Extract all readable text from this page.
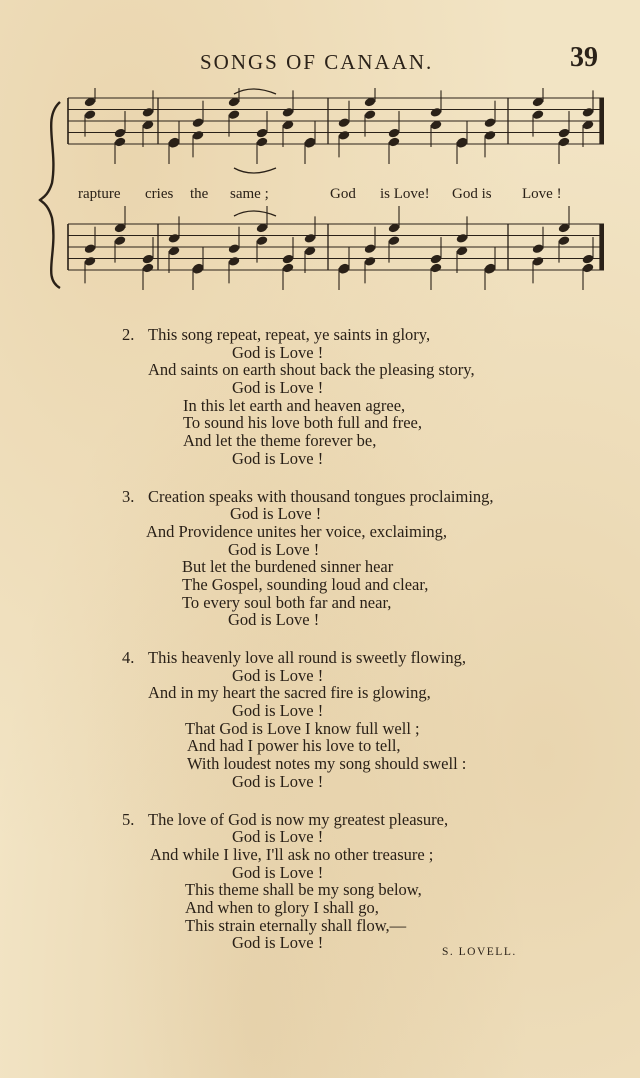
SONGS OF CANAAN.	39
rapture cries the same ;	God is Love! God is Love !
2. This song repeat, repeat, ye saints in glory,
God is Love !
And saints on earth shout back the pleasing story,
God is Love !
In this let earth and heaven agree,
To sound his love both full and free,
And let the theme forever be,
God is Love !
3. Creation speaks with thousand tongues proclaiming,
God is Love !
And Providence unites her voice, exclaiming,
God is Love !
But let the burdened sinner hear
The Gospel, sounding loud and clear,
To every soul both far and near,
God is Love !
4. This heavenly love all round is sweetly flowing,
God is Love !
And in my heart the sacred fire is glowing,
God is Love !
That God is Love I know full well ;
And had I power his love to tell,
With loudest notes my song should swell :
God is Love !
5. The love of God is now my greatest pleasure,
God is Love !
And while I live, I'll ask no other treasure ;
God is Love !
This theme shall be my song below,
And when to glory I shall go,
This strain eternally shall flow,—
God is Love !	S. LOVELL.
